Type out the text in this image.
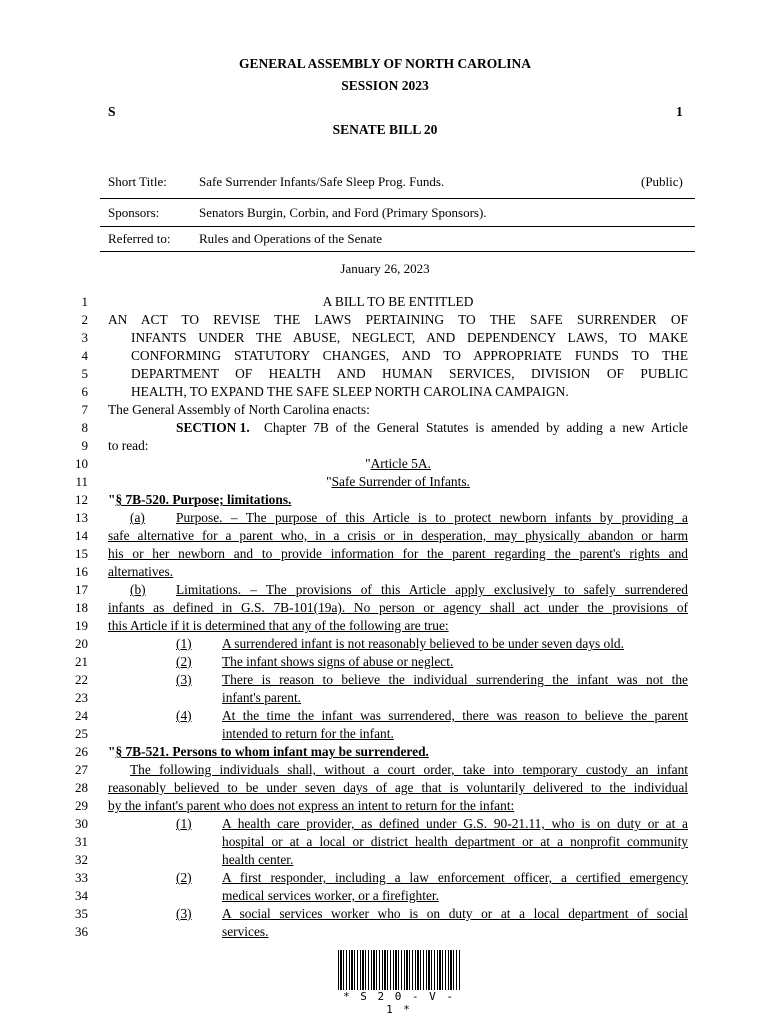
GENERAL ASSEMBLY OF NORTH CAROLINA
SESSION 2023
S	1
SENATE BILL 20
Short Title: Safe Surrender Infants/Safe Sleep Prog. Funds.	(Public)
Sponsors:	Senators Burgin, Corbin, and Ford (Primary Sponsors).
Referred to: Rules and Operations of the Senate
January 26, 2023
1	A BILL TO BE ENTITLED
2 AN ACT TO REVISE THE LAWS PERTAINING TO THE SAFE SURRENDER OF
3	INFANTS UNDER THE ABUSE, NEGLECT, AND DEPENDENCY LAWS, TO MAKE
4	CONFORMING STATUTORY CHANGES, AND TO APPROPRIATE FUNDS TO THE
5	DEPARTMENT OF HEALTH AND HUMAN SERVICES, DIVISION OF PUBLIC
6	HEALTH, TO EXPAND THE SAFE SLEEP NORTH CAROLINA CAMPAIGN.
7 The General Assembly of North Carolina enacts:
8	SECTION 1. Chapter 7B of the General Statutes is amended by adding a new Article
9 to read:
10	"Article 5A.
11	"Safe Surrender of Infants.
12 "§ 7B-520. Purpose; limitations.
13	(a) Purpose. – The purpose of this Article is to protect newborn infants by providing a
14 safe alternative for a parent who, in a crisis or in desperation, may physically abandon or harm
15 his or her newborn and to provide information for the parent regarding the parent's rights and
16 alternatives.
17	(b) Limitations. – The provisions of this Article apply exclusively to safely surrendered
18 infants as defined in G.S. 7B-101(19a). No person or agency shall act under the provisions of
19 this Article if it is determined that any of the following are true:
20	(1) A surrendered infant is not reasonably believed to be under seven days old.
21	(2) The infant shows signs of abuse or neglect.
22	(3) There is reason to believe the individual surrendering the infant was not the
23	infant's parent.
24	(4) At the time the infant was surrendered, there was reason to believe the parent
25	intended to return for the infant.
26 "§ 7B-521. Persons to whom infant may be surrendered.
27	The following individuals shall, without a court order, take into temporary custody an infant
28 reasonably believed to be under seven days of age that is voluntarily delivered to the individual
29 by the infant's parent who does not express an intent to return for the infant:
30	(1) A health care provider, as defined under G.S. 90-21.11, who is on duty or at a
31	hospital or at a local or district health department or at a nonprofit community
32	health center.
33	(2) A first responder, including a law enforcement officer, a certified emergency
34	medical services worker, or a firefighter.
35	(3) A social services worker who is on duty or at a local department of social
36	services.
* S 2 0 - V - 1 *
